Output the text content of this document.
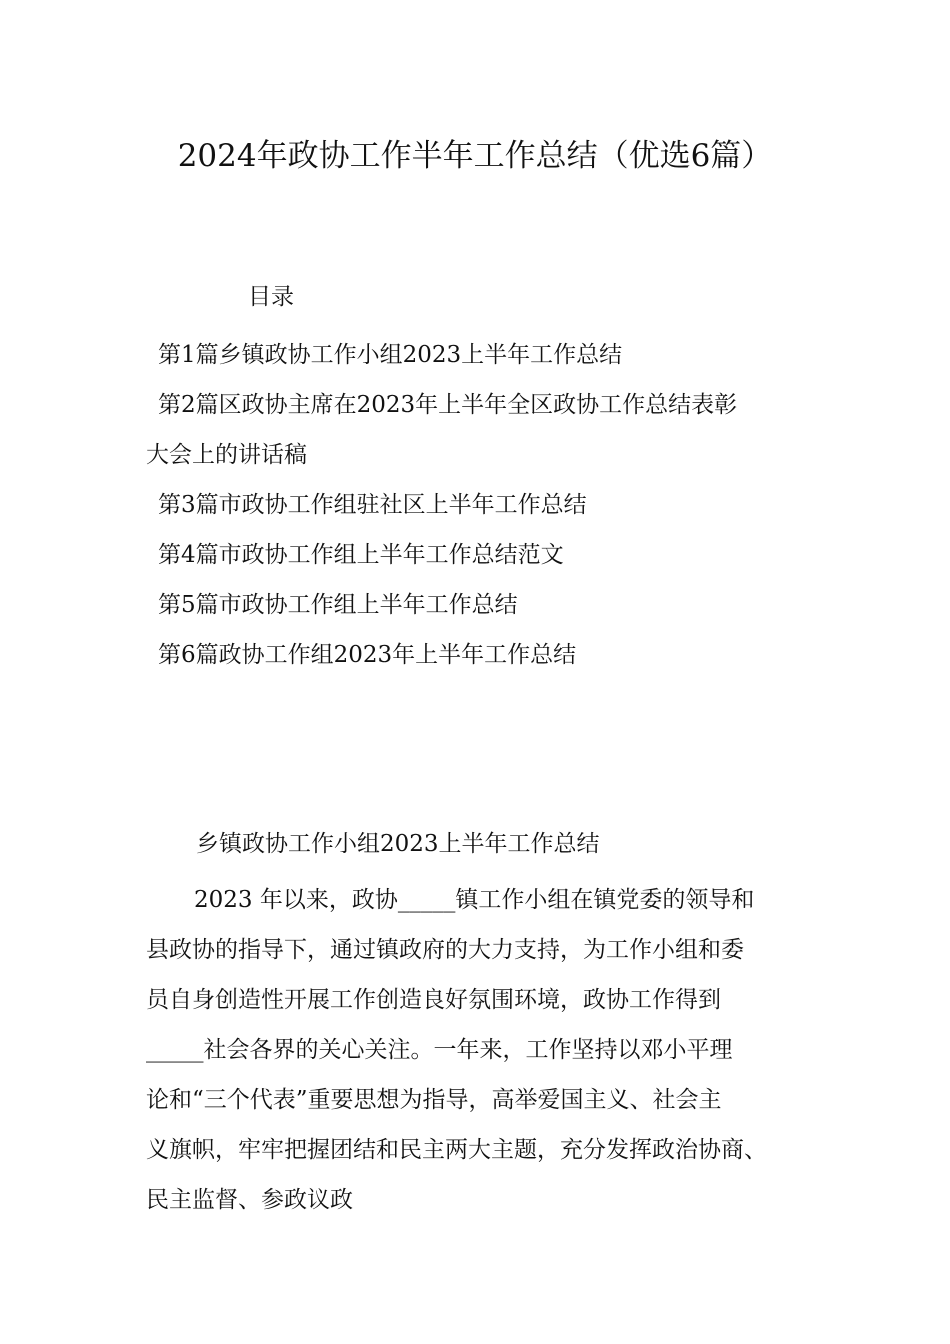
2024年政协工作半年工作总结（优选6篇）
目录
第1篇乡镇政协工作小组2023上半年工作总结
第2篇区政协主席在2023年上半年全区政协工作总结表彰
大会上的讲话稿
第3篇市政协工作组驻社区上半年工作总结
第4篇市政协工作组上半年工作总结范文
第5篇市政协工作组上半年工作总结
第6篇政协工作组2023年上半年工作总结
乡镇政协工作小组2023上半年工作总结
2023 年以来，政协_____镇工作小组在镇党委的领导和
县政协的指导下，通过镇政府的大力支持，为工作小组和委
员自身创造性开展工作创造良好氛围环境，政协工作得到
_____社会各界的关心关注。一年来，工作坚持以邓小平理
论和“三个代表”重要思想为指导，高举爱国主义、社会主
义旗帜，牢牢把握团结和民主两大主题，充分发挥政治协商、
民主监督、参政议政
